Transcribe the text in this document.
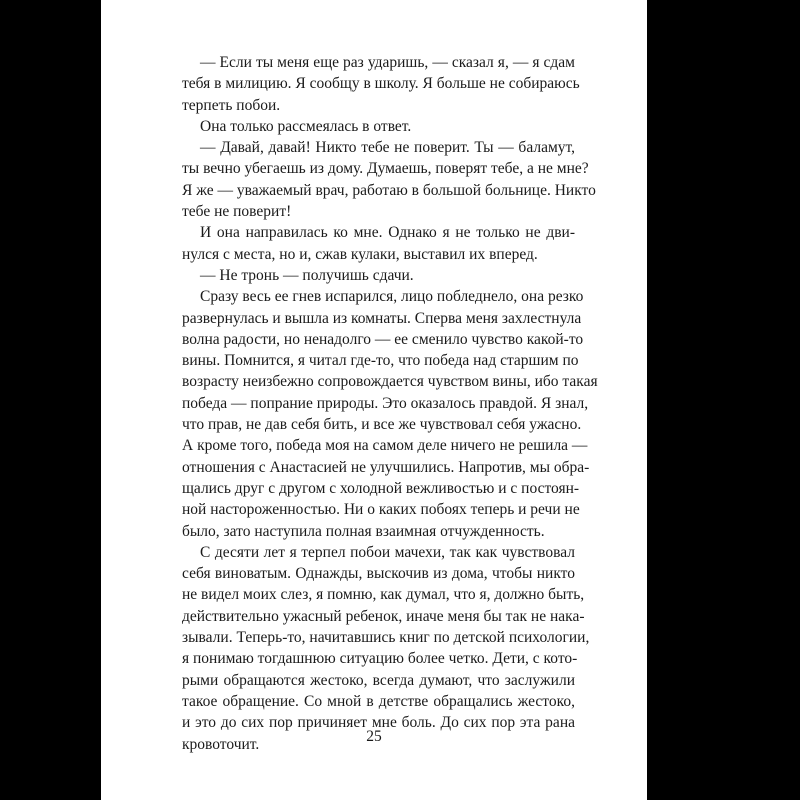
— Если ты меня еще раз ударишь, — сказал я, — я сдам
тебя в милицию. Я сообщу в школу. Я больше не собираюсь
терпеть побои.
Она только рассмеялась в ответ.
— Давай, давай! Никто тебе не поверит. Ты — баламут,
ты вечно убегаешь из дому. Думаешь, поверят тебе, а не мне?
Я же — уважаемый врач, работаю в большой больнице. Никто
тебе не поверит!
И она направилась ко мне. Однако я не только не дви-
нулся с места, но и, сжав кулаки, выставил их вперед.
— Не тронь — получишь сдачи.
Сразу весь ее гнев испарился, лицо побледнело, она резко
развернулась и вышла из комнаты. Сперва меня захлестнула
волна радости, но ненадолго — ее сменило чувство какой-то
вины. Помнится, я читал где-то, что победа над старшим по
возрасту неизбежно сопровождается чувством вины, ибо такая
победа — попрание природы. Это оказалось правдой. Я знал,
что прав, не дав себя бить, и все же чувствовал себя ужасно.
А кроме того, победа моя на самом деле ничего не решила —
отношения с Анастасией не улучшились. Напротив, мы обра-
щались друг с другом с холодной вежливостью и с постоян-
ной настороженностью. Ни о каких побоях теперь и речи не
было, зато наступила полная взаимная отчужденность.
С десяти лет я терпел побои мачехи, так как чувствовал
себя виноватым. Однажды, выскочив из дома, чтобы никто
не видел моих слез, я помню, как думал, что я, должно быть,
действительно ужасный ребенок, иначе меня бы так не нака-
зывали. Теперь-то, начитавшись книг по детской психологии,
я понимаю тогдашнюю ситуацию более четко. Дети, с кото-
рыми обращаются жестоко, всегда думают, что заслужили
такое обращение. Со мной в детстве обращались жестоко,
и это до сих пор причиняет мне боль. До сих пор эта рана
кровоточит.	25
